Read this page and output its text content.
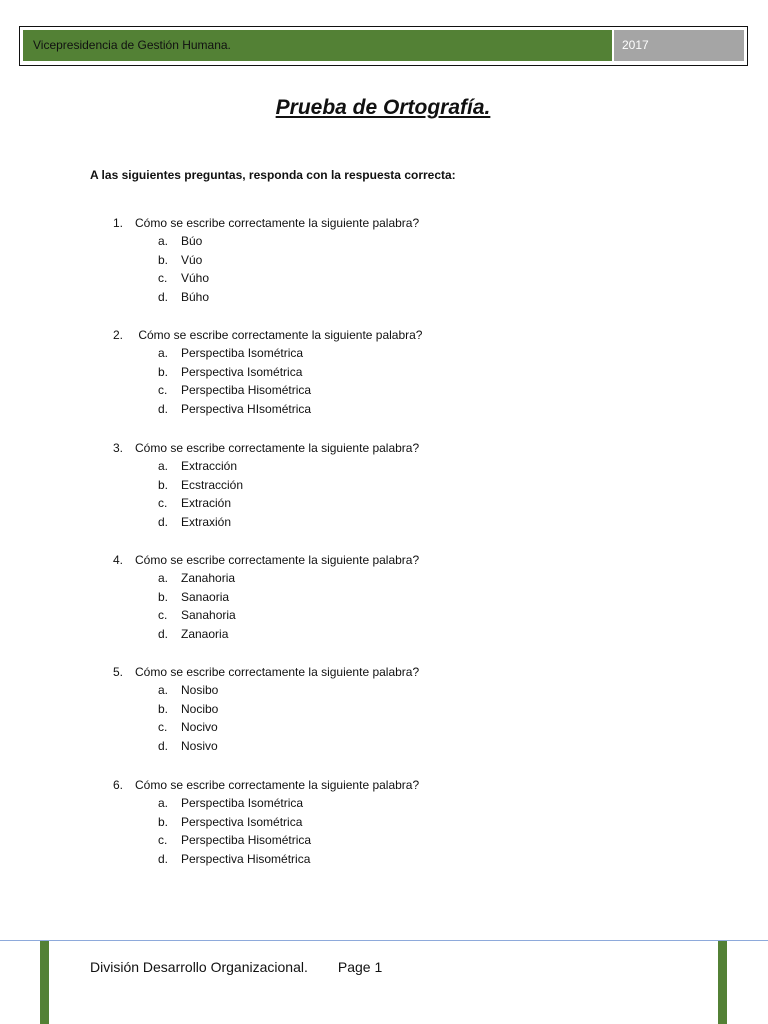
Vicepresidencia de Gestión Humana.	2017
Prueba de Ortografía.
A las siguientes preguntas, responda con la respuesta correcta:
1. Cómo se escribe correctamente la siguiente palabra?
a. Búo
b. Vúo
c. Vúho
d. Búho
2. Cómo se escribe correctamente la siguiente palabra?
a. Perspectiba Isométrica
b. Perspectiva Isométrica
c. Perspectiba Hisométrica
d. Perspectiva HIsométrica
3. Cómo se escribe correctamente la siguiente palabra?
a. Extracción
b. Ecstracción
c. Extración
d. Extraxión
4. Cómo se escribe correctamente la siguiente palabra?
a. Zanahoria
b. Sanaoria
c. Sanahoria
d. Zanaoria
5. Cómo se escribe correctamente la siguiente palabra?
a. Nosibo
b. Nocibo
c. Nocivo
d. Nosivo
6. Cómo se escribe correctamente la siguiente palabra?
a. Perspectiba Isométrica
b. Perspectiva Isométrica
c. Perspectiba Hisométrica
d. Perspectiva Hisométrica
División Desarrollo Organizacional. Page 1
